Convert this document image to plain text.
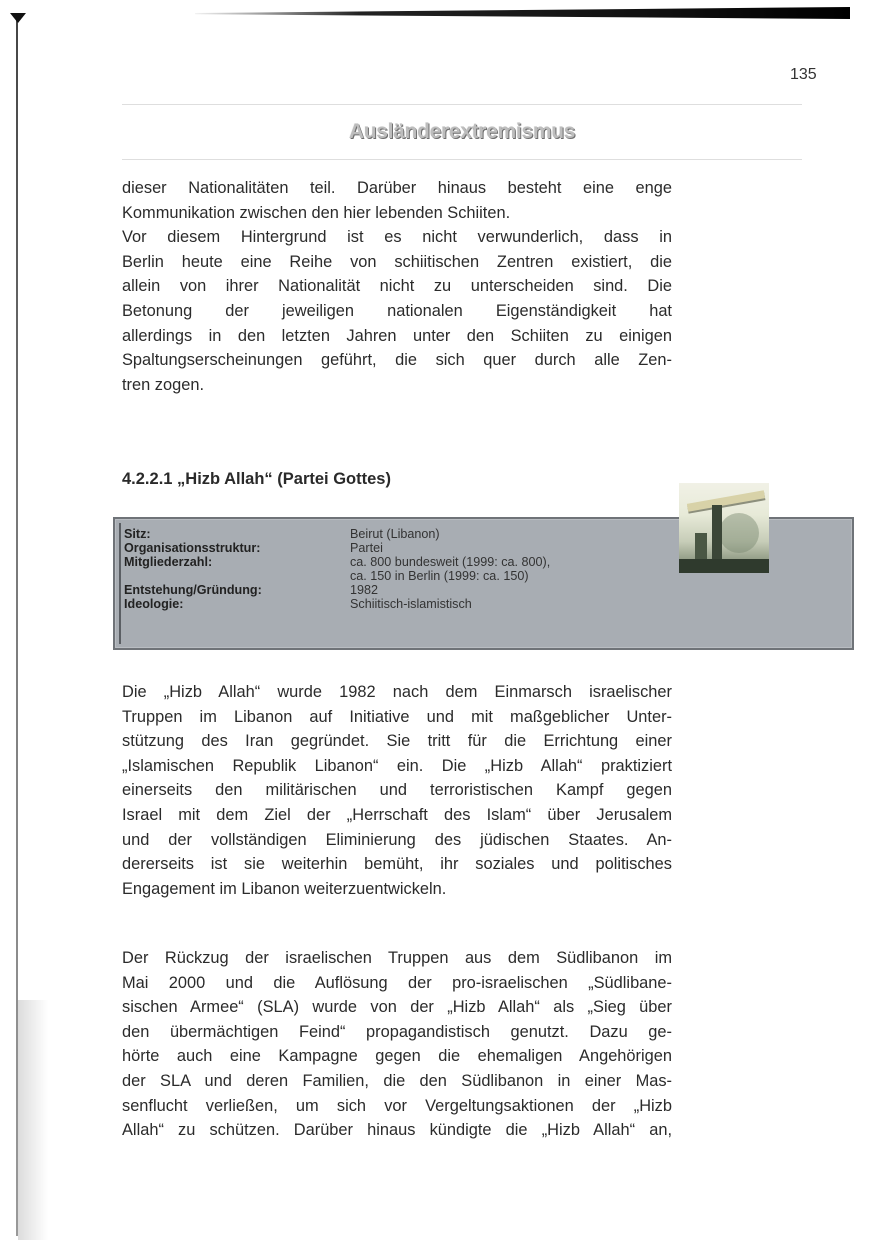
135
Ausländerextremismus
dieser Nationalitäten teil. Darüber hinaus besteht eine enge
Kommunikation zwischen den hier lebenden Schiiten.
Vor diesem Hintergrund ist es nicht verwunderlich, dass in
Berlin heute eine Reihe von schiitischen Zentren existiert, die
allein von ihrer Nationalität nicht zu unterscheiden sind. Die
Betonung der jeweiligen nationalen Eigenständigkeit hat
allerdings in den letzten Jahren unter den Schiiten zu einigen
Spaltungserscheinungen geführt, die sich quer durch alle Zen-
tren zogen.
4.2.2.1 „Hizb Allah“ (Partei Gottes)
Sitz:	Beirut (Libanon)
Organisationsstruktur:	Partei
Mitgliederzahl:	ca. 800 bundesweit (1999: ca. 800),
ca. 150 in Berlin (1999: ca. 150)
Entstehung/Gründung:	1982
Ideologie:	Schiitisch-islamistisch
Die „Hizb Allah“ wurde 1982 nach dem Einmarsch israelischer
Truppen im Libanon auf Initiative und mit maßgeblicher Unter-
stützung des Iran gegründet. Sie tritt für die Errichtung einer
„Islamischen Republik Libanon“ ein. Die „Hizb Allah“ praktiziert
einerseits den militärischen und terroristischen Kampf gegen
Israel mit dem Ziel der „Herrschaft des Islam“ über Jerusalem
und der vollständigen Eliminierung des jüdischen Staates. An-
dererseits ist sie weiterhin bemüht, ihr soziales und politisches
Engagement im Libanon weiterzuentwickeln.
Der Rückzug der israelischen Truppen aus dem Südlibanon im
Mai 2000 und die Auflösung der pro-israelischen „Südlibane-
sischen Armee“ (SLA) wurde von der „Hizb Allah“ als „Sieg über
den übermächtigen Feind“ propagandistisch genutzt. Dazu ge-
hörte auch eine Kampagne gegen die ehemaligen Angehörigen
der SLA und deren Familien, die den Südlibanon in einer Mas-
senflucht verließen, um sich vor Vergeltungsaktionen der „Hizb
Allah“ zu schützen. Darüber hinaus kündigte die „Hizb Allah“ an,
